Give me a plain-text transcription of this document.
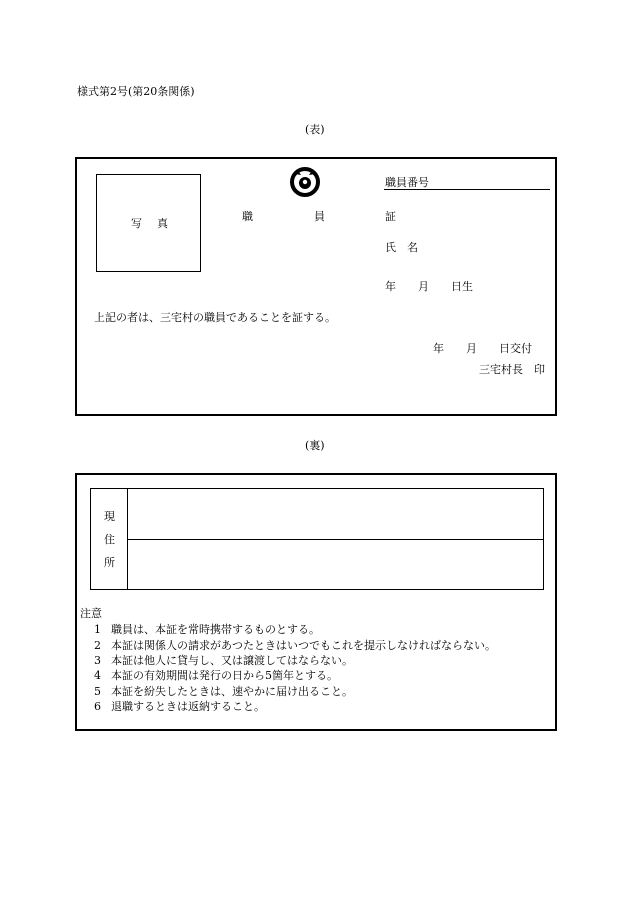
様式第2号(第20条関係)
(表)
写　真
職	員	証
職員番号
氏　名
年　　月　　日生
上記の者は、三宅村の職員であることを証する。
年　　月　　日交付
三宅村長　印
(裏)
現
住
所
注意
1 職員は、本証を常時携帯するものとする。
2 本証は関係人の請求があつたときはいつでもこれを提示しなければならない。
3 本証は他人に貸与し、又は譲渡してはならない。
4 本証の有効期間は発行の日から5箇年とする。
5 本証を紛失したときは、速やかに届け出ること。
6 退職するときは返納すること。
